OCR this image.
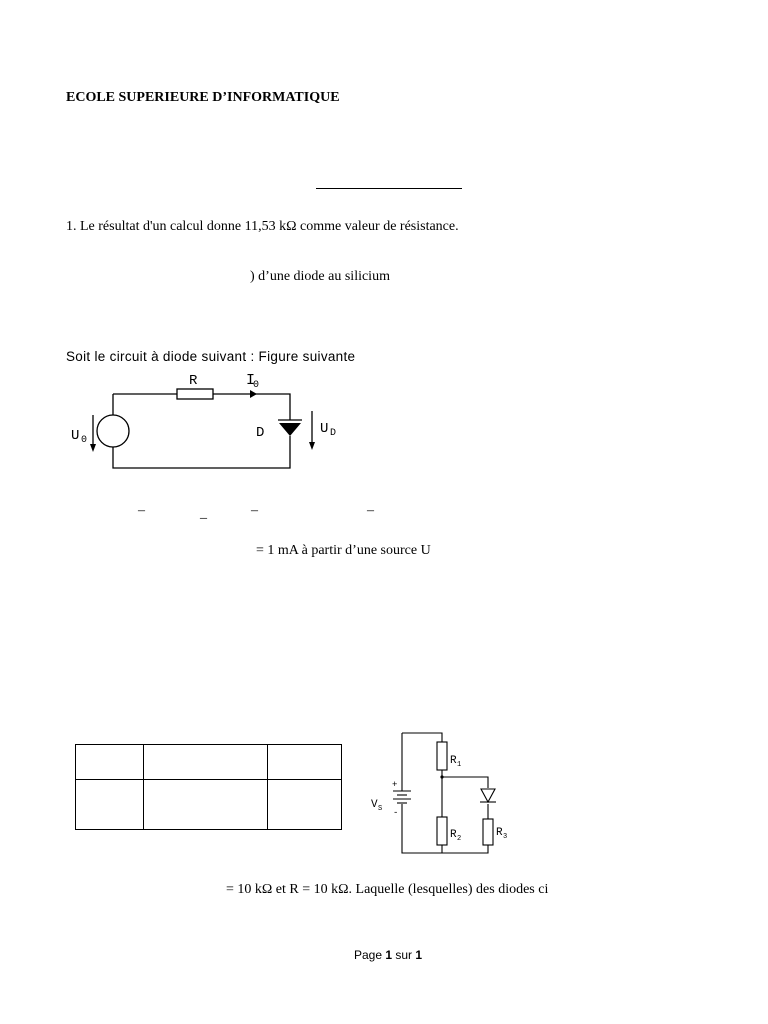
ECOLE SUPERIEURE D’INFORMATIQUE
1. Le résultat d'un calcul donne 11,53 kΩ comme valeur de résistance.
) d’une diode au silicium
Soit le circuit à diode suivant : Figure suivante
R	I
0
D
U 0
U D
–	_	–	–
= 1 mA à partir d’une source U

R 1
R 2	R 3
V S
+
-
= 10 kΩ et R = 10 kΩ. Laquelle (lesquelles) des diodes ci
Page 1 sur 1
